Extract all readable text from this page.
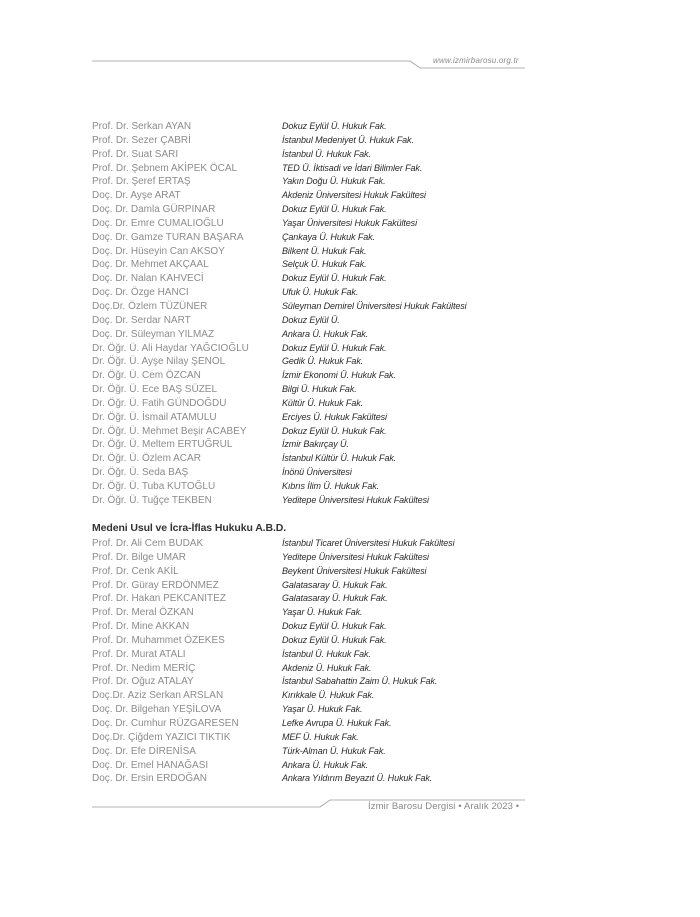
www.izmirbarosu.org.tr
Prof. Dr. Serkan AYAN	Dokuz Eylül Ü. Hukuk Fak.
Prof. Dr. Sezer ÇABRİ	İstanbul Medeniyet Ü. Hukuk Fak.
Prof. Dr. Suat SARI	İstanbul Ü. Hukuk Fak.
Prof. Dr. Şebnem AKİPEK ÖCAL	TED Ü. İktisadi ve İdari Bilimler Fak.
Prof. Dr. Şeref ERTAŞ	Yakın Doğu Ü. Hukuk Fak.
Doç. Dr. Ayşe ARAT	Akdeniz Üniversitesi Hukuk Fakültesi
Doç. Dr. Damla GÜRPINAR	Dokuz Eylül Ü. Hukuk Fak.
Doç. Dr. Emre CUMALIOĞLU	Yaşar Üniversitesi Hukuk Fakültesi
Doç. Dr. Gamze TURAN BAŞARA	Çankaya Ü. Hukuk Fak.
Doç. Dr. Hüseyin Can AKSOY	Bilkent Ü. Hukuk Fak.
Doç. Dr. Mehmet AKÇAAL	Selçuk Ü. Hukuk Fak.
Doç. Dr. Nalan KAHVECİ	Dokuz Eylül Ü. Hukuk Fak.
Doç. Dr. Özge HANCI	Ufuk Ü. Hukuk Fak.
Doç.Dr. Özlem TÜZÜNER	Süleyman Demirel Üniversitesi Hukuk Fakültesi
Doç. Dr. Serdar NART	Dokuz Eylül Ü.
Doç. Dr. Süleyman YILMAZ	Ankara Ü. Hukuk Fak.
Dr. Öğr. Ü. Ali Haydar YAĞCIOĞLU	Dokuz Eylül Ü. Hukuk Fak.
Dr. Öğr. Ü. Ayşe Nilay ŞENOL	Gedik Ü. Hukuk Fak.
Dr. Öğr. Ü. Cem ÖZCAN	İzmir Ekonomi Ü. Hukuk Fak.
Dr. Öğr. Ü. Ece BAŞ SÜZEL	Bilgi Ü. Hukuk Fak.
Dr. Öğr. Ü. Fatih GÜNDOĞDU	Kültür Ü. Hukuk Fak.
Dr. Öğr. Ü. İsmail ATAMULU	Erciyes Ü. Hukuk Fakültesi
Dr. Öğr. Ü. Mehmet Beşir ACABEY	Dokuz Eylül Ü. Hukuk Fak.
Dr. Öğr. Ü. Meltem ERTUĞRUL	İzmir Bakırçay Ü.
Dr. Öğr. Ü. Özlem ACAR	İstanbul Kültür Ü. Hukuk Fak.
Dr. Öğr. Ü. Seda BAŞ	İnönü Üniversitesi
Dr. Öğr. Ü. Tuba KUTOĞLU	Kıbrıs İlim Ü. Hukuk Fak.
Dr. Öğr. Ü. Tuğçe TEKBEN	Yeditepe Üniversitesi Hukuk Fakültesi
Medeni Usul ve İcra-İflas Hukuku A.B.D.
Prof. Dr. Ali Cem BUDAK	İstanbul Ticaret Üniversitesi Hukuk Fakültesi
Prof. Dr. Bilge UMAR	Yeditepe Üniversitesi Hukuk Fakültesi
Prof. Dr. Cenk AKİL	Beykent Üniversitesi Hukuk Fakültesi
Prof. Dr. Güray ERDÖNMEZ	Galatasaray Ü. Hukuk Fak.
Prof. Dr. Hakan PEKCANITEZ	Galatasaray Ü. Hukuk Fak.
Prof. Dr. Meral ÖZKAN	Yaşar Ü. Hukuk Fak.
Prof. Dr. Mine AKKAN	Dokuz Eylül Ü. Hukuk Fak.
Prof. Dr. Muhammet ÖZEKES	Dokuz Eylül Ü. Hukuk Fak.
Prof. Dr. Murat ATALI	İstanbul Ü. Hukuk Fak.
Prof. Dr. Nedim MERİÇ	Akdeniz Ü. Hukuk Fak.
Prof. Dr. Oğuz ATALAY	İstanbul Sabahattin Zaim Ü. Hukuk Fak.
Doç.Dr. Aziz Serkan ARSLAN	Kırıkkale Ü. Hukuk Fak.
Doç. Dr. Bilgehan YEŞİLOVA	Yaşar Ü. Hukuk Fak.
Doç. Dr. Cumhur RÜZGARESEN	Lefke Avrupa Ü. Hukuk Fak.
Doç.Dr. Çiğdem YAZICI TIKTIK	MEF Ü. Hukuk Fak.
Doç. Dr. Efe DİRENİSA	Türk-Alman Ü. Hukuk Fak.
Doç. Dr. Emel HANAĞASI	Ankara Ü. Hukuk Fak.
Doç. Dr. Ersin ERDOĞAN	Ankara Yıldırım Beyazıt Ü. Hukuk Fak.
İzmir Barosu Dergisi • Aralık 2023 •
